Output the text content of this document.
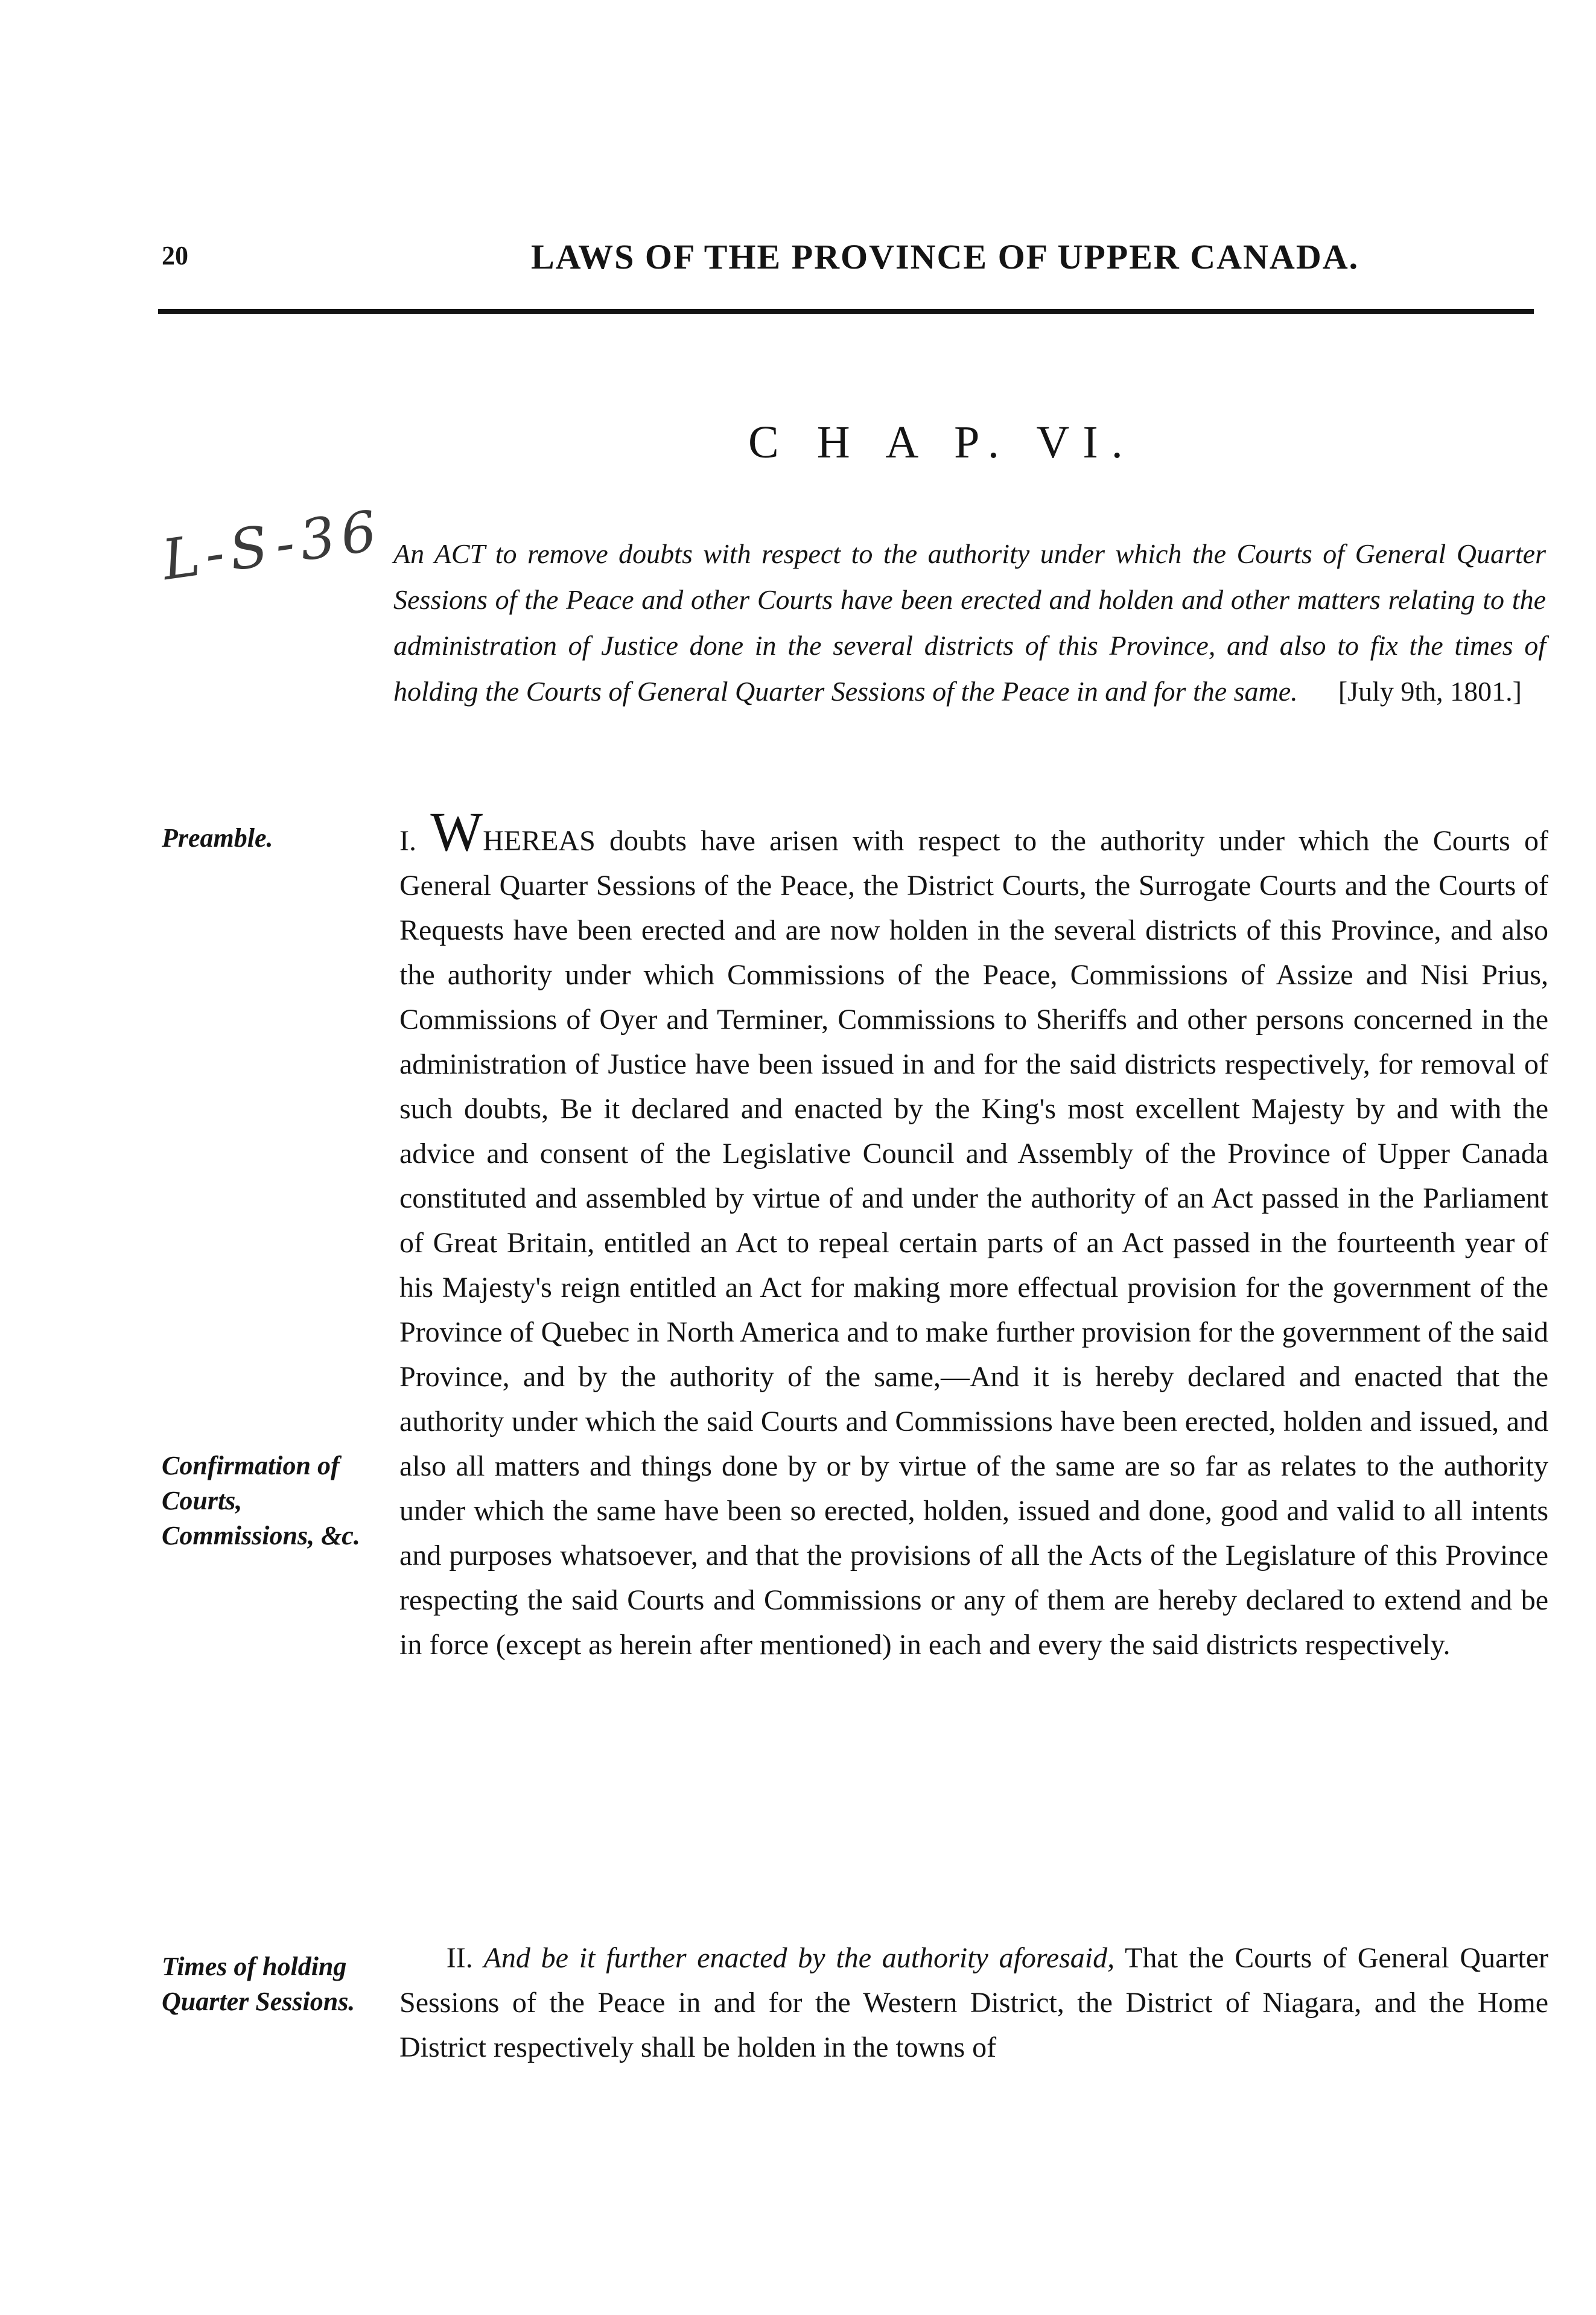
20	LAWS OF THE PROVINCE OF UPPER CANADA.
C H A P. VI.
L-S-36 An ACT to remove doubts with respect to the authority under which the Courts of General Quarter Sessions of the Peace and other Courts have been erected and holden and other matters relating to the administration of Justice done in the several districts of this Province, and also to fix the times of holding the Courts of General Quarter Sessions of the Peace in and for the same. [July 9th, 1801.]
Preamble.
Confirmation of Courts, Commissions, &c.
Times of holding Quarter Sessions.
I. WHEREAS doubts have arisen with respect to the authority under which the Courts of General Quarter Sessions of the Peace, the District Courts, the Surrogate Courts and the Courts of Requests have been erected and are now holden in the several districts of this Province, and also the authority under which Commissions of the Peace, Commissions of Assize and Nisi Prius, Commissions of Oyer and Terminer, Commissions to Sheriffs and other persons concerned in the administration of Justice have been issued in and for the said districts respectively, for removal of such doubts, Be it declared and enacted by the King's most excellent Majesty by and with the advice and consent of the Legislative Council and Assembly of the Province of Upper Canada constituted and assembled by virtue of and under the authority of an Act passed in the Parliament of Great Britain, entitled an Act to repeal certain parts of an Act passed in the fourteenth year of his Majesty's reign entitled an Act for making more effectual provision for the government of the Province of Quebec in North America and to make further provision for the government of the said Province, and by the authority of the same,—And it is hereby declared and enacted that the authority under which the said Courts and Commissions have been erected, holden and issued, and also all matters and things done by or by virtue of the same are so far as relates to the authority under which the same have been so erected, holden, issued and done, good and valid to all intents and purposes whatsoever, and that the provisions of all the Acts of the Legislature of this Province respecting the said Courts and Commissions or any of them are hereby declared to extend and be in force (except as herein after mentioned) in each and every the said districts respectively.
II. And be it further enacted by the authority aforesaid, That the Courts of General Quarter Sessions of the Peace in and for the Western District, the District of Niagara, and the Home District respectively shall be holden in the towns of
